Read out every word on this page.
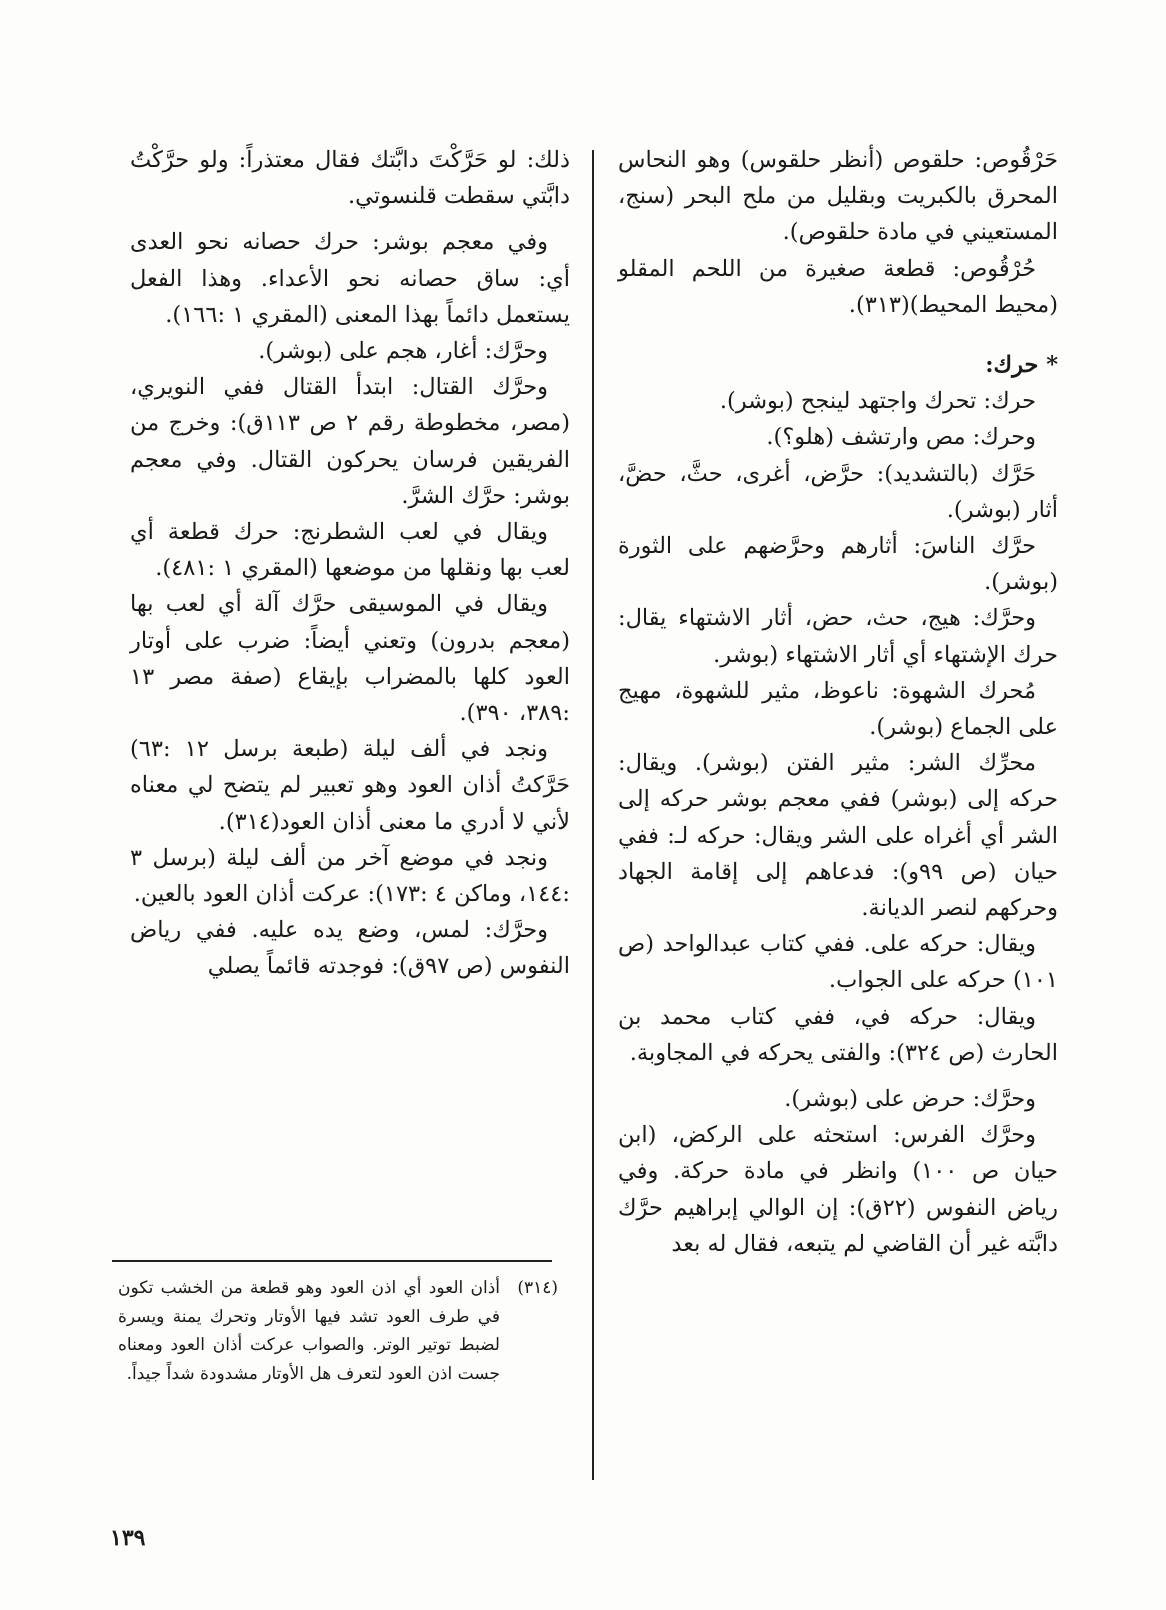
حَرْقُوص: حلقوص (أنظر حلقوس) وهو النحاس المحرق بالكبريت وبقليل من ملح البحر (سنج، المستعيني في مادة حلقوص).

حُرْقُوص: قطعة صغيرة من اللحم المقلو (محيط المحيط)(٣١٣).

* حرك:

حرك: تحرك واجتهد لينجح (بوشر).

وحرك: مص وارتشف (هلو؟).

حَرَّك (بالتشديد): حرَّض، أغرى، حثَّ، حضَّ، أثار (بوشر).

حرَّك الناسَ: أثارهم وحرَّضهم على الثورة (بوشر).

وحرَّك: هيج، حث، حض، أثار الاشتهاء يقال: حرك الإشتهاء أي أثار الاشتهاء (بوشر.

مُحرك الشهوة: ناعوظ، مثير للشهوة، مهيج على الجماع (بوشر).

محرِّك الشر: مثير الفتن (بوشر). ويقال: حركه إلى (بوشر) ففي معجم بوشر حركه إلى الشر أي أغراه على الشر ويقال: حركه لـ: ففي حيان (ص ٩٩و): فدعاهم إلى إقامة الجهاد وحركهم لنصر الديانة.

ويقال: حركه على. ففي كتاب عبدالواحد (ص ١٠١) حركه على الجواب.

ويقال: حركه في، ففي كتاب محمد بن الحارث (ص ٣٢٤): والفتى يحركه في المجاوبة.

وحرَّك: حرض على (بوشر).

وحرَّك الفرس: استحثه على الركض، (ابن حيان ص ١٠٠) وانظر في مادة حركة. وفي رياض النفوس (٢٢ق): إن الوالي إبراهيم حرَّك دابَّته غير أن القاضي لم يتبعه، فقال له بعد

ذلك: لو حَرَّكْتَ دابَّتك فقال معتذراً: ولو حرَّكْتُ دابَّتي سقطت قلنسوتي.

وفي معجم بوشر: حرك حصانه نحو العدى أي: ساق حصانه نحو الأعداء. وهذا الفعل يستعمل دائماً بهذا المعنى (المقري ١ :١٦٦).

وحرَّك: أغار، هجم على (بوشر).

وحرَّك القتال: ابتدأ القتال ففي النويري، (مصر، مخطوطة رقم ٢ ص ١١٣ق): وخرج من الفريقين فرسان يحركون القتال. وفي معجم بوشر: حرَّك الشرَّ.

ويقال في لعب الشطرنج: حرك قطعة أي لعب بها ونقلها من موضعها (المقري ١ :٤٨١).

ويقال في الموسيقى حرَّك آلة أي لعب بها (معجم بدرون) وتعني أيضاً: ضرب على أوتار العود كلها بالمضراب بإيقاع (صفة مصر ١٣ :٣٨٩، ٣٩٠).

ونجد في ألف ليلة (طبعة برسل ١٢ :٦٣) حَرَّكتُ أذان العود وهو تعبير لم يتضح لي معناه لأني لا أدري ما معنى أذان العود(٣١٤).

ونجد في موضع آخر من ألف ليلة (برسل ٣ :١٤٤، وماكن ٤ :١٧٣): عركت أذان العود بالعين.

وحرَّك: لمس، وضع يده عليه. ففي رياض النفوس (ص ٩٧ق): فوجدته قائماً يصلي

(٣١٤)
أذان العود أي اذن العود وهو قطعة من الخشب تكون في طرف العود تشد فيها الأوتار وتحرك يمنة ويسرة لضبط توتير الوتر. والصواب عركت أذان العود ومعناه جست اذن العود لتعرف هل الأوتار مشدودة شداً جيداً.
١٣٩
